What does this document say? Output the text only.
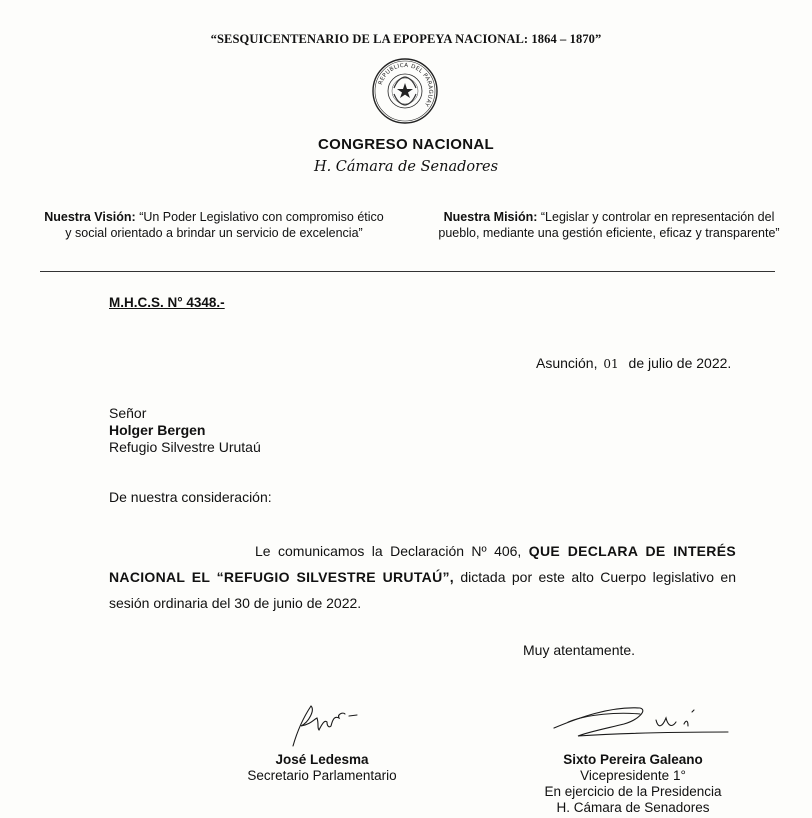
“SESQUICENTENARIO DE LA EPOPEYA NACIONAL: 1864 – 1870”
REPUBLICA DEL PARAGUAY
CONGRESO NACIONAL
H. Cámara de Senadores
Nuestra Visión: “Un Poder Legislativo con compromiso ético y social orientado a brindar un servicio de excelencia”
Nuestra Misión: “Legislar y controlar en representación del pueblo, mediante una gestión eficiente, eficaz y transparente”
M.H.C.S. N° 4348.-
Asunción, 01 de julio de 2022.
Señor
Holger Bergen
Refugio Silvestre Urutaú
De nuestra consideración:
Le comunicamos la Declaración Nº 406, QUE DECLARA DE INTERÉS NACIONAL EL “REFUGIO SILVESTRE URUTAÚ”, dictada por este alto Cuerpo legislativo en sesión ordinaria del 30 de junio de 2022.
Muy atentamente.
José Ledesma
Secretario Parlamentario
Sixto Pereira Galeano
Vicepresidente 1°
En ejercicio de la Presidencia
H. Cámara de Senadores
